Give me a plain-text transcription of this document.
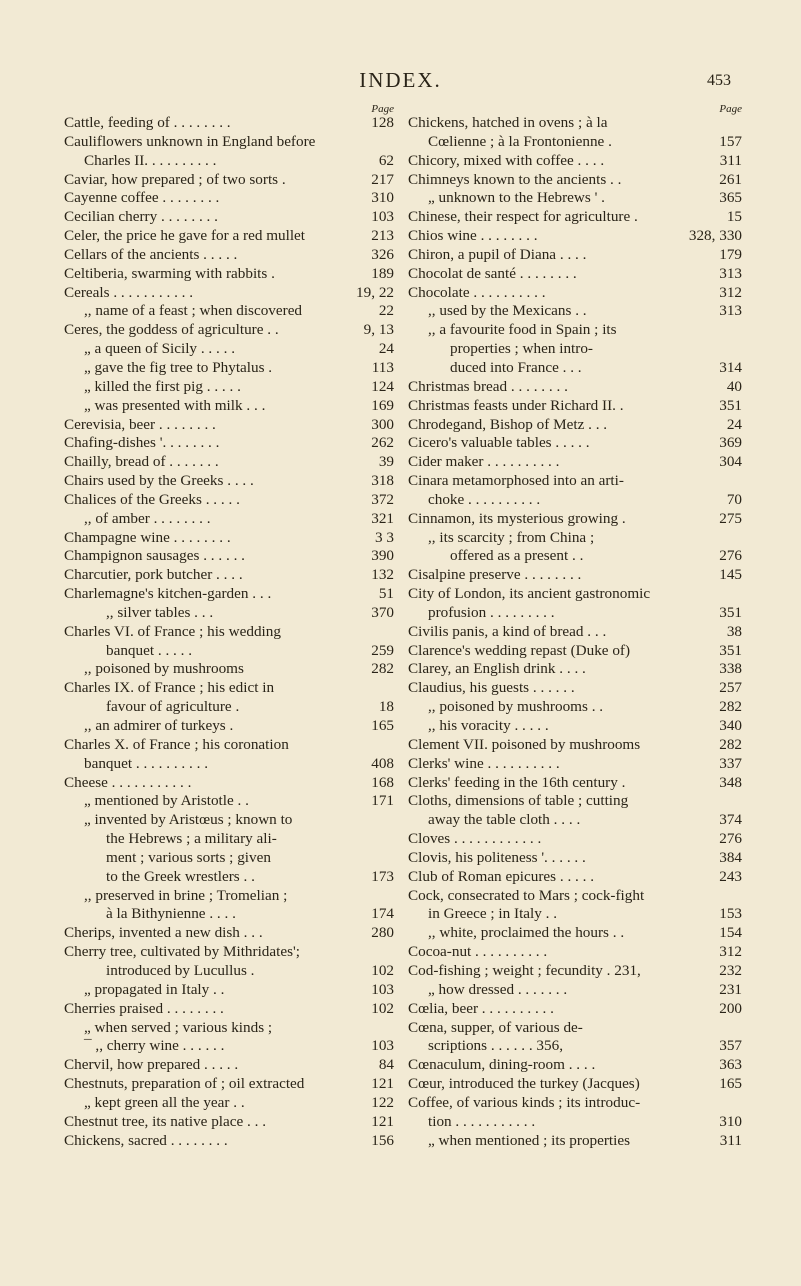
INDEX.	453
Page
Cattle, feeding of . . . . . . . .	128
Cauliflowers unknown in England before
Charles II. . . . . . . . . .	62
Caviar, how prepared ; of two sorts .	217
Cayenne coffee . . . . . . . .	310
Cecilian cherry . . . . . . . .	103
Celer, the price he gave for a red mullet	213
Cellars of the ancients . . . . .	326
Celtiberia, swarming with rabbits .	189
Cereals . . . . . . . . . . .	19, 22
,, name of a feast ; when discovered	22
Ceres, the goddess of agriculture . .	9, 13
„ a queen of Sicily . . . . .	24
„ gave the fig tree to Phytalus .	113
„ killed the first pig . . . . .	124
„ was presented with milk . . .	169
Cerevisia, beer . . . . . . . .	300
Chafing-dishes '. . . . . . . .	262
Chailly, bread of . . . . . . .	39
Chairs used by the Greeks . . . .	318
Chalices of the Greeks . . . . .	372
,, of amber . . . . . . . .	321
Champagne wine . . . . . . . .	3 3
Champignon sausages . . . . . .	390
Charcutier, pork butcher . . . .	132
Charlemagne's kitchen-garden . . .	51
,, silver tables . . .	370
Charles VI. of France ; his wedding
banquet . . . . .	259
,, poisoned by mushrooms	282
Charles IX. of France ; his edict in
favour of agriculture .	18
,, an admirer of turkeys .	165
Charles X. of France ; his coronation
banquet . . . . . . . . . .	408
Cheese . . . . . . . . . . .	168
„ mentioned by Aristotle . .	171
„ invented by Aristœus ; known to
the Hebrews ; a military ali-
ment ; various sorts ; given
to the Greek wrestlers . .	173
,, preserved in brine ; Tromelian ;
à la Bithynienne . . . .	174
Cherips, invented a new dish . . .	280
Cherry tree, cultivated by Mithridates';
introduced by Lucullus .	102
„ propagated in Italy . .	103
Cherries praised . . . . . . . .	102
„ when served ; various kinds ;
¯ ,, cherry wine . . . . . .	103
Chervil, how prepared . . . . .	84
Chestnuts, preparation of ; oil extracted	121
„ kept green all the year . .	122
Chestnut tree, its native place . . .	121
Chickens, sacred . . . . . . . .	156
Page
Chickens, hatched in ovens ; à la
Cœlienne ; à la Frontonienne .	157
Chicory, mixed with coffee . . . .	311
Chimneys known to the ancients . .	261
„ unknown to the Hebrews ' .	365
Chinese, their respect for agriculture .	15
Chios wine . . . . . . . .	328, 330
Chiron, a pupil of Diana . . . .	179
Chocolat de santé . . . . . . . .	313
Chocolate . . . . . . . . . .	312
,, used by the Mexicans . .	313
,, a favourite food in Spain ; its
properties ; when intro-
duced into France . . .	314
Christmas bread . . . . . . . .	40
Christmas feasts under Richard II. .	351
Chrodegand, Bishop of Metz . . .	24
Cicero's valuable tables . . . . .	369
Cider maker . . . . . . . . . .	304
Cinara metamorphosed into an arti-
choke . . . . . . . . . .	70
Cinnamon, its mysterious growing .	275
,, its scarcity ; from China ;
offered as a present . .	276
Cisalpine preserve . . . . . . . .	145
City of London, its ancient gastronomic
profusion . . . . . . . . .	351
Civilis panis, a kind of bread . . .	38
Clarence's wedding repast (Duke of)	351
Clarey, an English drink . . . .	338
Claudius, his guests . . . . . .	257
,, poisoned by mushrooms . .	282
,, his voracity . . . . .	340
Clement VII. poisoned by mushrooms	282
Clerks' wine . . . . . . . . . .	337
Clerks' feeding in the 16th century .	348
Cloths, dimensions of table ; cutting
away the table cloth . . . .	374
Cloves . . . . . . . . . . . .	276
Clovis, his politeness '. . . . . .	384
Club of Roman epicures . . . . .	243
Cock, consecrated to Mars ; cock-fight
in Greece ; in Italy . .	153
,, white, proclaimed the hours . .	154
Cocoa-nut . . . . . . . . . .	312
Cod-fishing ; weight ; fecundity . 231,	232
„ how dressed . . . . . . .	231
Cœlia, beer . . . . . . . . . .	200
Cœna, supper, of various de-
scriptions . . . . . . 356,	357
Cœnaculum, dining-room . . . .	363
Cœur, introduced the turkey (Jacques)	165
Coffee, of various kinds ; its introduc-
tion . . . . . . . . . . .	310
„ when mentioned ; its properties	311
